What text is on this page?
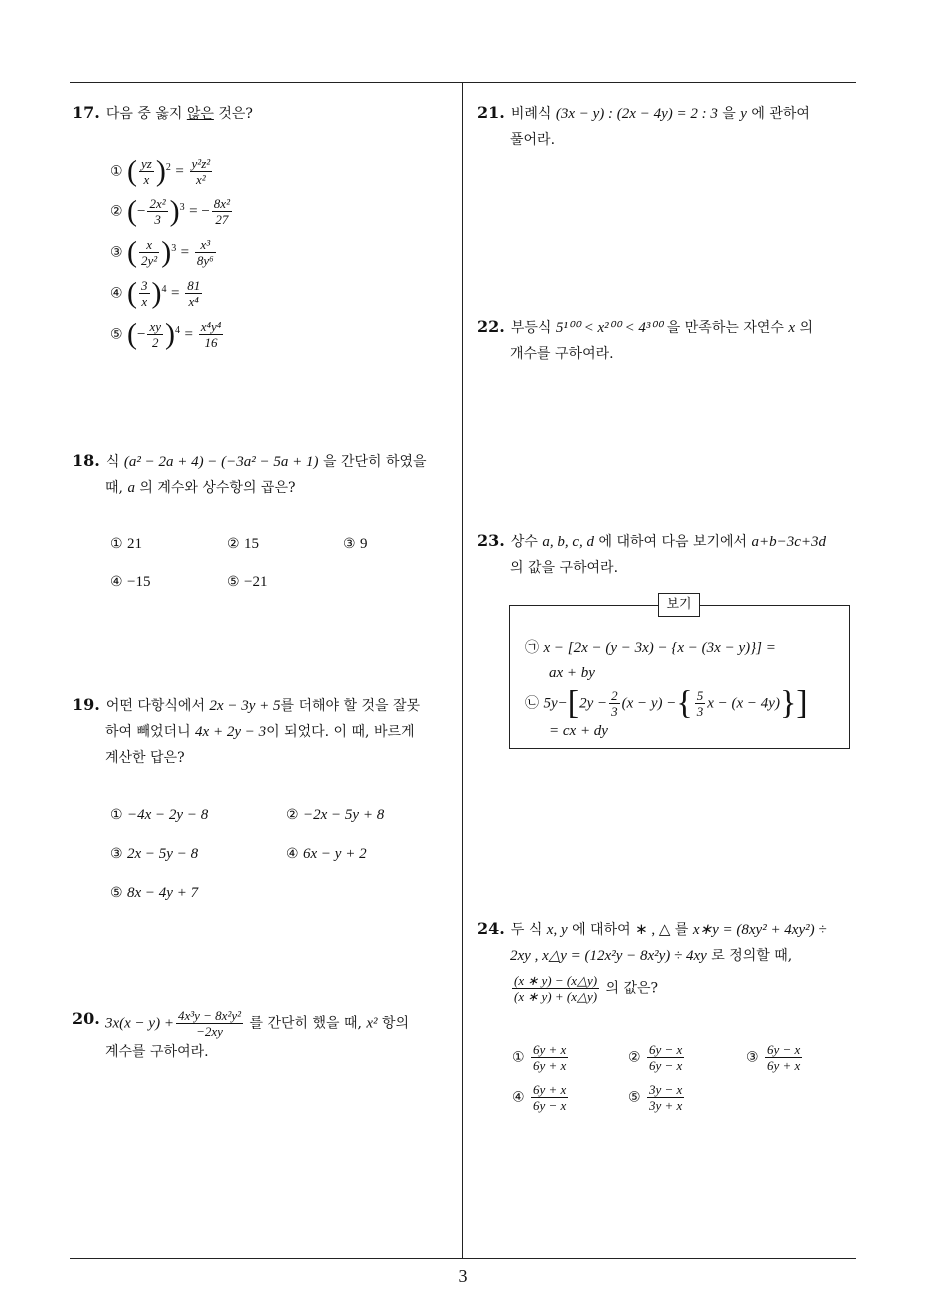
3
17. 다음 중 옳지 않은 것은?
① ( $\frac{yz}{x} )^2 = \frac{\text{y²z²}}{\text{x²}}$
② (− $\frac{\text{2x²}}{3} )^3$ = − $\frac{\text{8x²}}{27}$
③ ( $\frac{x}{\text{2y²}} )^3 = \frac{\text{x³}}{\text{8y⁶}}$
④ ( $\frac{3}{x} )^4 = \frac{81}{\text{x⁴}}$
⑤ (− $\frac{xy}{2} )^4 = \frac{\text{x⁴y⁴}}{16}$
18. 식 (a² − 2a + 4) − (−3a² − 5a + 1) 을 간단히 하였을
때, a 의 계수와 상수항의 곱은?
① 21	② 15	③ 9
④ −15	⑤ −21
19. 어떤 다항식에서 2x − 3y + 5를 더해야 할 것을 잘못
하여 빼었더니 4x + 2y − 3이 되었다. 이 때, 바르게
계산한 답은?
① −4x − 2y − 8	② −2x − 5y + 8
③ 2x − 5y − 8	④ 6x − y + 2
⑤ 8x − 4y + 7
20. $3x(x - y) + \frac{\text{4x³y − 8x²y²}}{-2xy}$ 를 간단히 했을 때, x² 항의
계수를 구하여라.
21. 비례식 (3x − y) : (2x − 4y) = 2 : 3 을 y 에 관하여
풀어라.
22. 부등식 5¹⁰⁰ < x²⁰⁰ < 4³⁰⁰ 을 만족하는 자연수 x 의
개수를 구하여라.
23. 상수 a, b, c, d 에 대하여 다음 보기에서 a+b−3c+3d
의 값을 구하여라.
보기
㉠ x − [2x − (y − 3x) − {x − (3x − y)}] =
ax + by
㉡ $5y-[2y - \frac{2}{3} (x - y)$ −{ $\frac{5}{3}$ x − (x − 4y)}]
= cx + dy
24. 두 식 x, y 에 대하여 ∗ , △ 를 x∗y = (8xy² + 4xy²) ÷
2xy , x△y = (12x²y − 8x²y) ÷ 4xy 로 정의할 때,
$\frac{(x ∗ y) - (x\triangle y)}{(x ∗ y) + (x\triangle y)}$ 의 값은?
① $\frac{6y + x}{6y + x}$	② $\frac{6y - x}{6y - x}$	③ $\frac{6y - x}{6y + x}$
④ $\frac{6y + x}{6y - x}$	⑤ $\frac{3y - x}{3y + x}$
